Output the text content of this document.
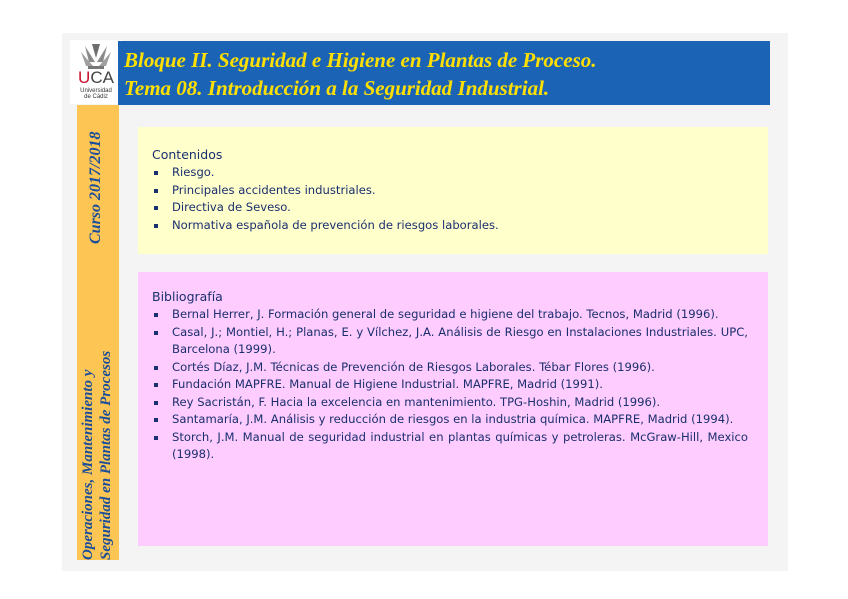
UCA
Universidad
de Cádiz
Bloque II. Seguridad e Higiene en Plantas de Proceso.
Tema 08. Introducción a la Seguridad Industrial.
Curso 2017/2018
Operaciones, Mantenimiento y Seguridad en Plantas de Procesos
Contenidos
Riesgo.
Principales accidentes industriales.
Directiva de Seveso.
Normativa española de prevención de riesgos laborales.
Bibliografía
Bernal Herrer, J. Formación general de seguridad e higiene del trabajo. Tecnos, Madrid (1996).
Casal, J.; Montiel, H.; Planas, E. y Vílchez, J.A. Análisis de Riesgo en Instalaciones Industriales. UPC, Barcelona (1999).
Cortés Díaz, J.M. Técnicas de Prevención de Riesgos Laborales. Tébar Flores (1996).
Fundación MAPFRE. Manual de Higiene Industrial. MAPFRE, Madrid (1991).
Rey Sacristán, F. Hacia la excelencia en mantenimiento. TPG-Hoshin, Madrid (1996).
Santamaría, J.M. Análisis y reducción de riesgos en la industria química. MAPFRE, Madrid (1994).
Storch, J.M. Manual de seguridad industrial en plantas químicas y petroleras. McGraw-Hill, Mexico (1998).
